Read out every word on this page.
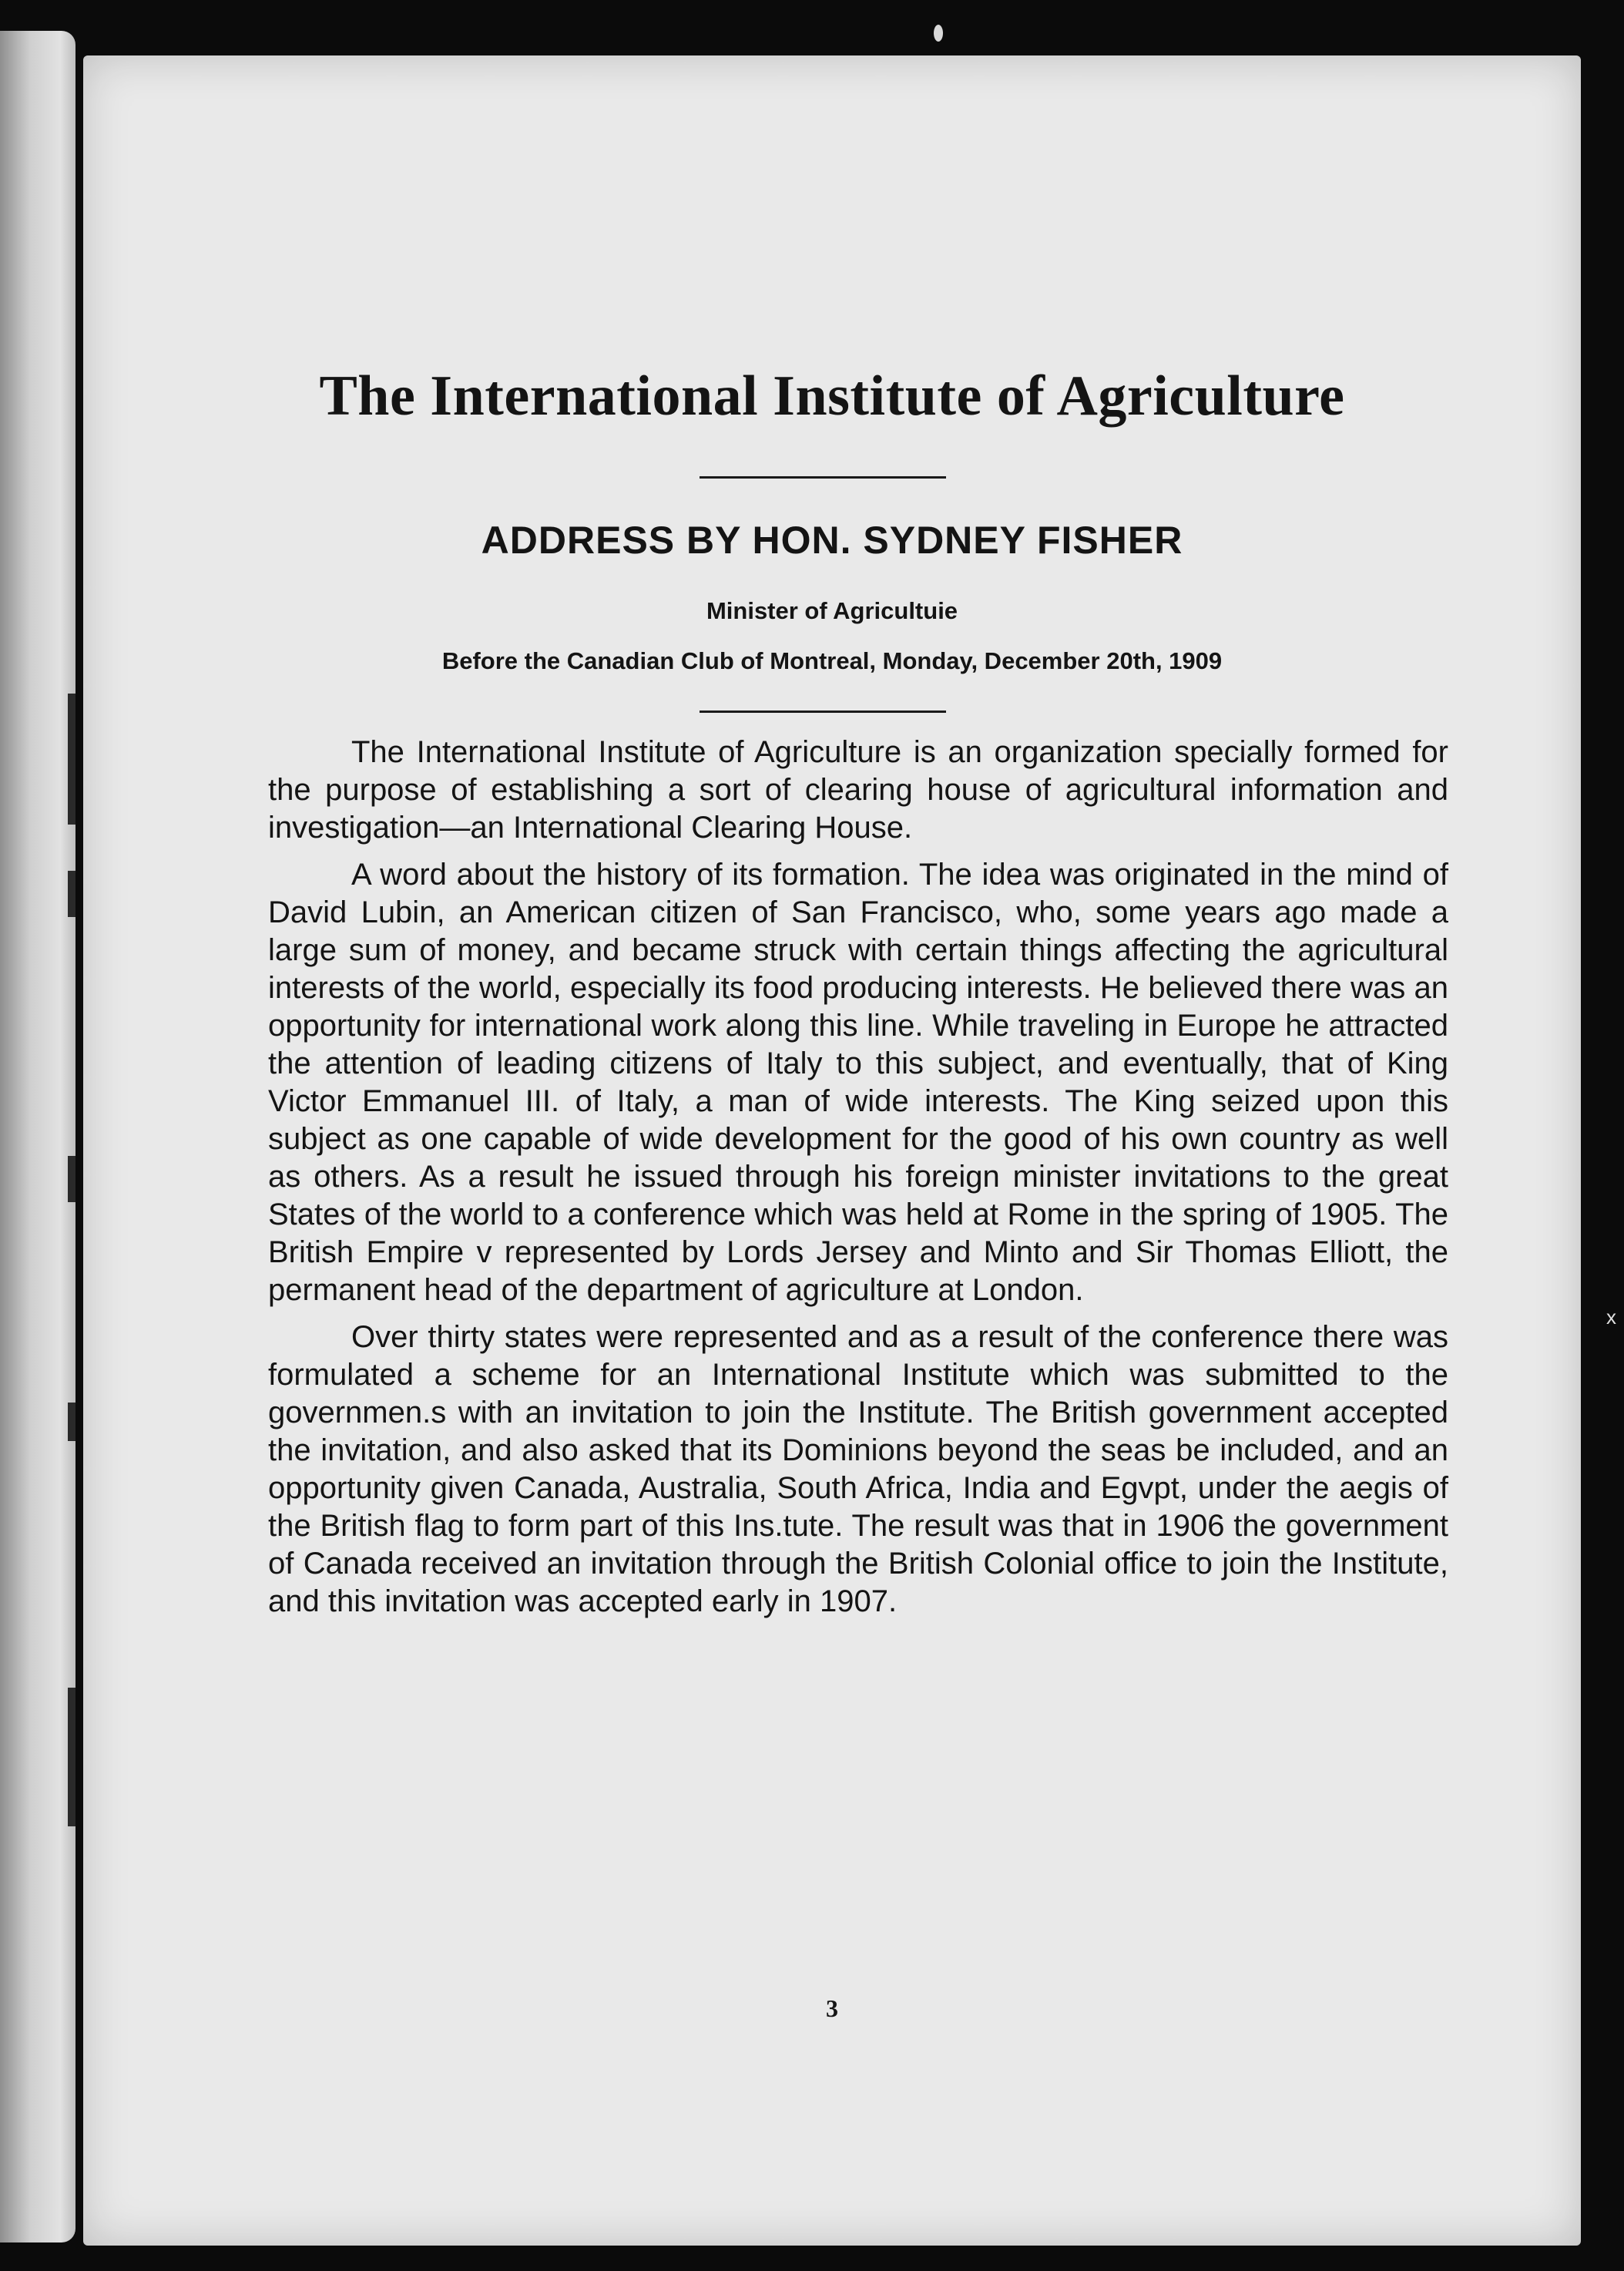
The International Institute of Agriculture
ADDRESS BY HON. SYDNEY FISHER
Minister of Agricultuie
Before the Canadian Club of Montreal, Monday, December 20th, 1909

The International Institute of Agriculture is an organization specially formed for the purpose of establishing a sort of clearing house of agricultural information and investigation—an International Clearing House.

A word about the history of its formation. The idea was originated in the mind of David Lubin, an American citizen of San Francisco, who, some years ago made a large sum of money, and became struck with certain things affecting the agricultural interests of the world, especially its food producing interests. He believed there was an opportunity for international work along this line. While traveling in Europe he attracted the attention of leading citizens of Italy to this subject, and eventually, that of King Victor Emmanuel III. of Italy, a man of wide interests. The King seized upon this subject as one capable of wide development for the good of his own country as well as others. As a result he issued through his foreign minister invitations to the great States of the world to a conference which was held at Rome in the spring of 1905. The British Empire v represented by Lords Jersey and Minto and Sir Thomas Elliott, the permanent head of the department of agriculture at London.

Over thirty states were represented and as a result of the conference there was formulated a scheme for an International Institute which was submitted to the governmen.s with an invitation to join the Institute. The British government accepted the invitation, and also asked that its Dominions beyond the seas be included, and an opportunity given Canada, Australia, South Africa, India and Egvpt, under the aegis of the British flag to form part of this Ins.tute. The result was that in 1906 the government of Canada received an invitation through the British Colonial office to join the Institute, and this invitation was accepted early in 1907.

3
x
